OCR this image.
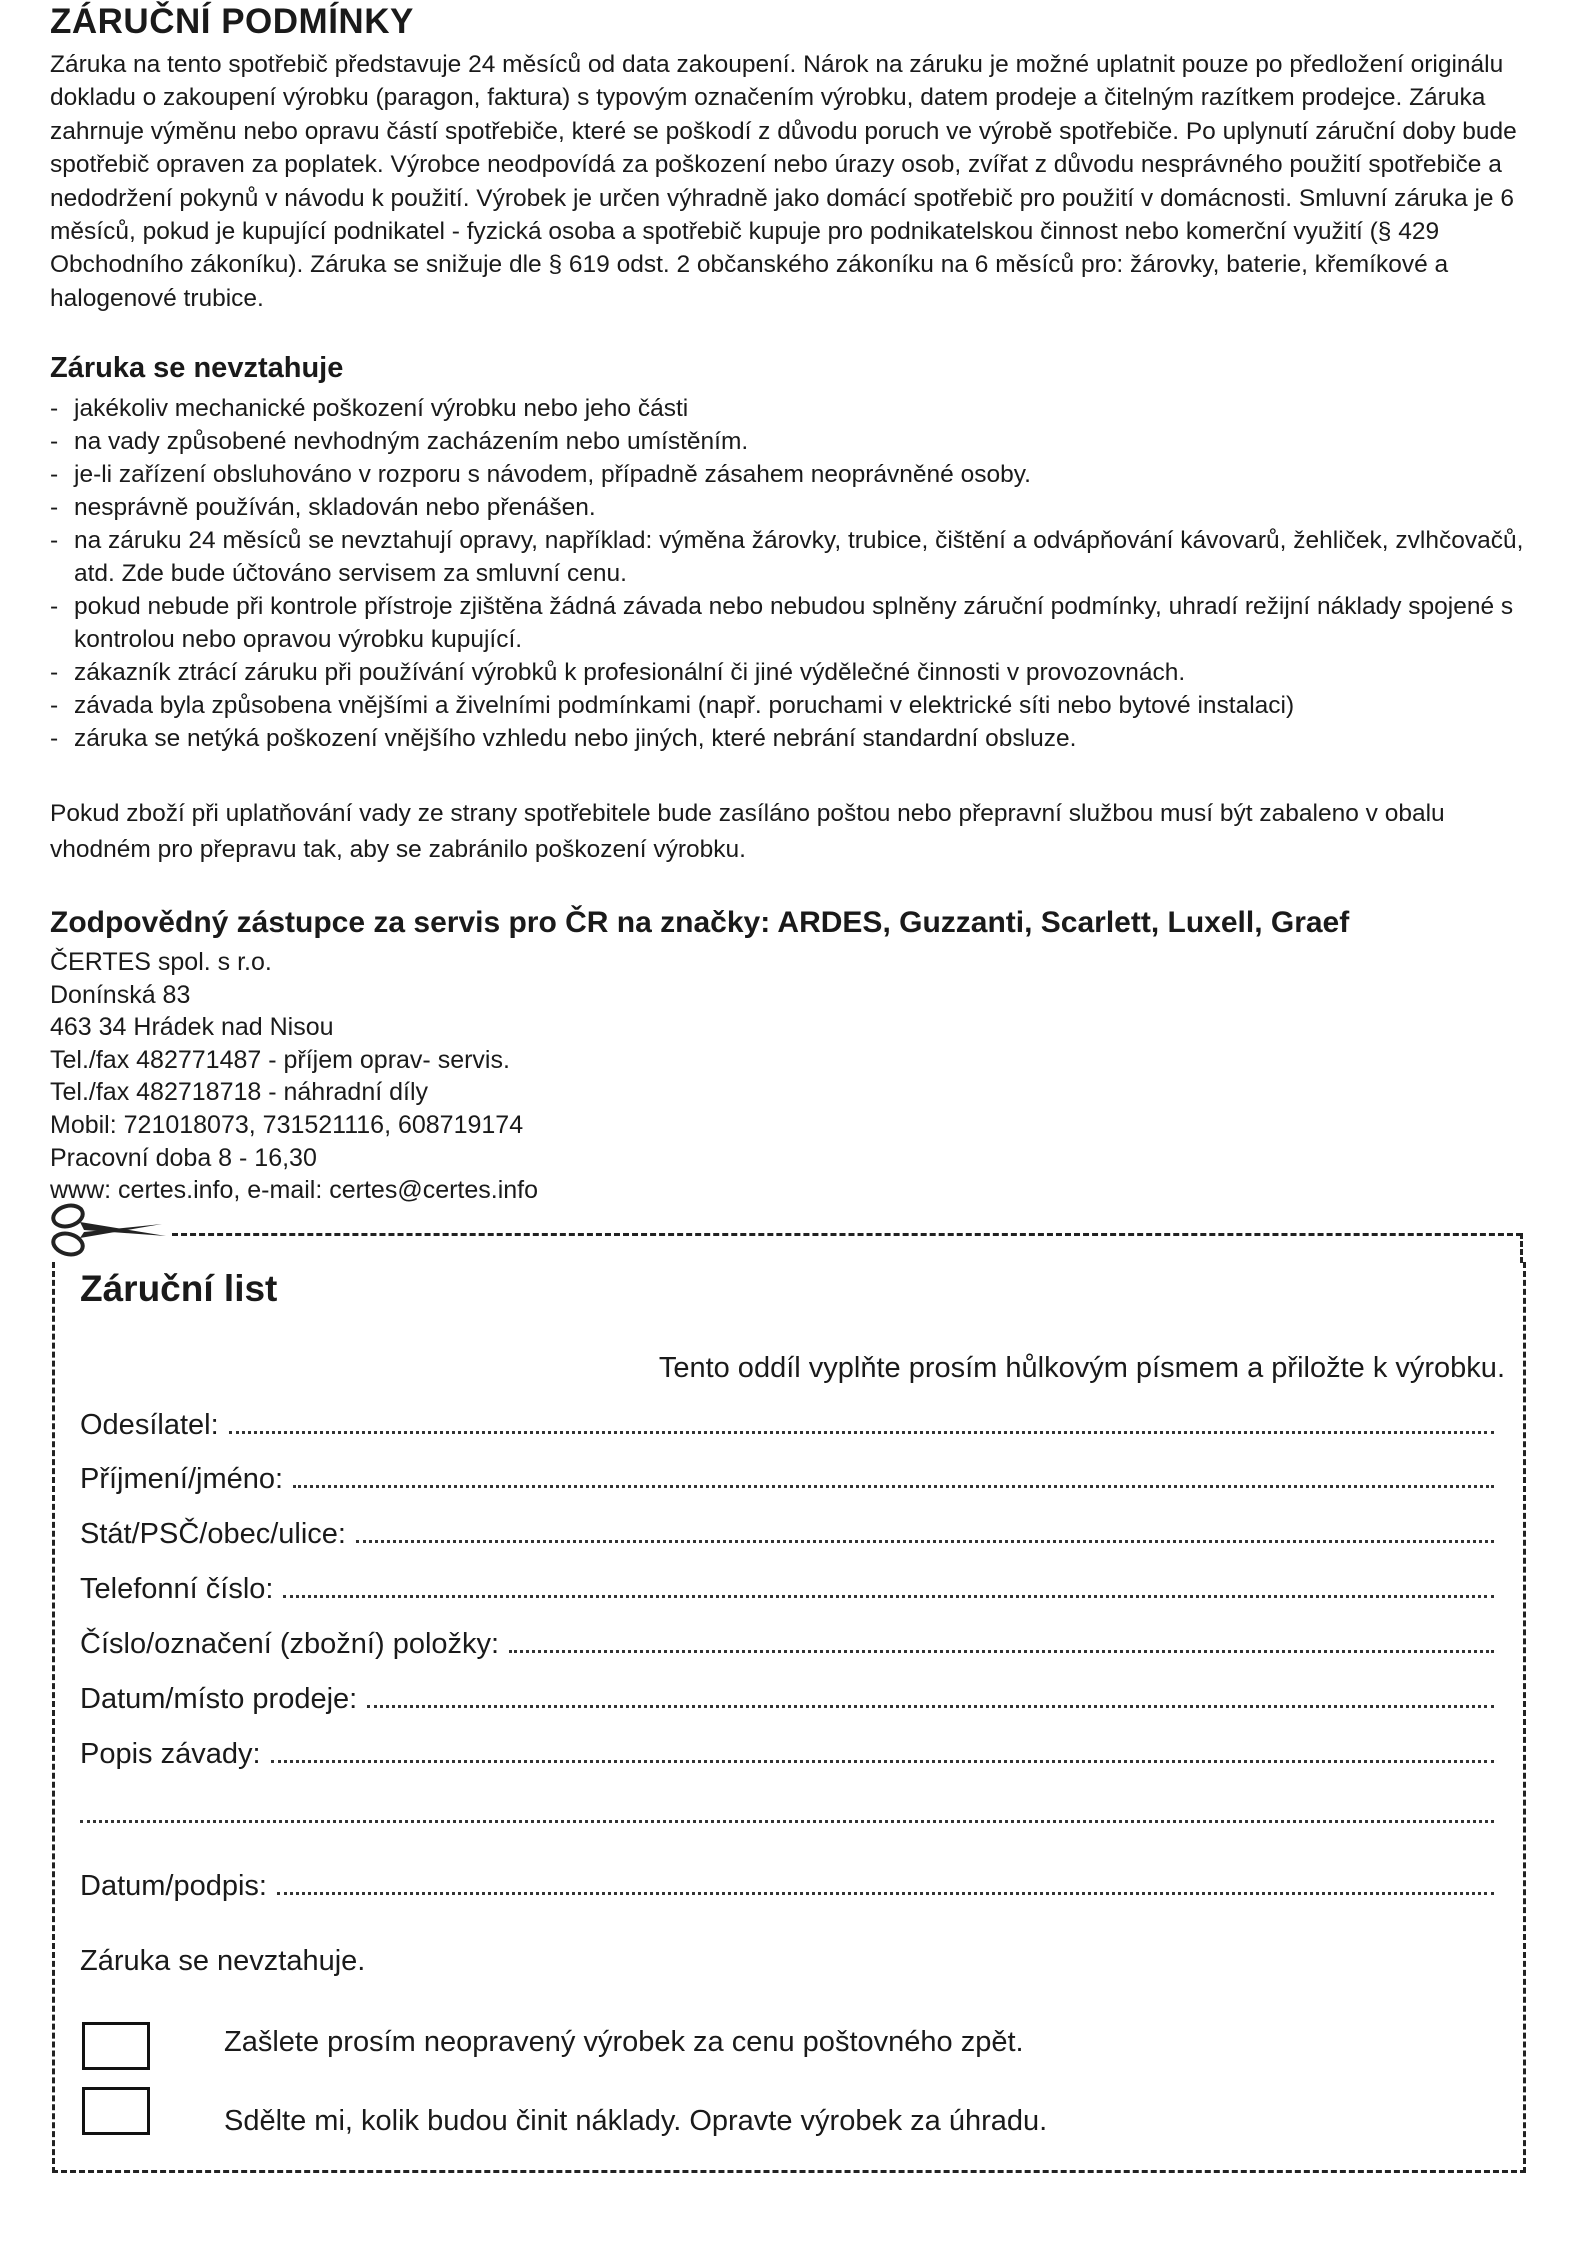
ZÁRUČNÍ PODMÍNKY

Záruka na tento spotřebič představuje 24 měsíců od data zakoupení. Nárok na záruku je možné uplatnit pouze po předložení originálu dokladu o zakoupení výrobku (paragon, faktura) s typovým označením výrobku, datem prodeje a čitelným razítkem prodejce. Záruka zahrnuje výměnu nebo opravu částí spotřebiče, které se poškodí z důvodu poruch ve výrobě spotřebiče. Po uplynutí záruční doby bude spotřebič opraven za poplatek. Výrobce neodpovídá za poškození nebo úrazy osob, zvířat z důvodu nesprávného použití spotřebiče a nedodržení pokynů v návodu k použití. Výrobek je určen výhradně jako domácí spotřebič pro použití v domácnosti. Smluvní záruka je 6 měsíců, pokud je kupující podnikatel - fyzická osoba a spotřebič kupuje pro podnikatelskou činnost nebo komerční využití (§ 429 Obchodního zákoníku). Záruka se snižuje dle § 619 odst. 2 občanského zákoníku na 6 měsíců pro: žárovky, baterie, křemíkové a halogenové trubice.

Záruka se nevztahuje
- jakékoliv mechanické poškození výrobku nebo jeho části
- na vady způsobené nevhodným zacházením nebo umístěním.
- je-li zařízení obsluhováno v rozporu s návodem, případně zásahem neoprávněné osoby.
- nesprávně používán, skladován nebo přenášen.
- na záruku 24 měsíců se nevztahují opravy, například: výměna žárovky, trubice, čištění a odvápňování kávovarů, žehliček, zvlhčovačů, atd. Zde bude účtováno servisem za smluvní cenu.
- pokud nebude při kontrole přístroje zjištěna žádná závada nebo nebudou splněny záruční podmínky, uhradí režijní náklady spojené s kontrolou nebo opravou výrobku kupující.
- zákazník ztrácí záruku při používání výrobků k profesionální či jiné výdělečné činnosti v provozovnách.
- závada byla způsobena vnějšími a živelními podmínkami (např. poruchami v elektrické síti nebo bytové instalaci)
- záruka se netýká poškození vnějšího vzhledu nebo jiných, které nebrání standardní obsluze.

Pokud zboží při uplatňování vady ze strany spotřebitele bude zasíláno poštou nebo přepravní službou musí být zabaleno v obalu vhodném pro přepravu tak, aby se zabránilo poškození výrobku.

Zodpovědný zástupce za servis pro ČR na značky: ARDES, Guzzanti, Scarlett, Luxell, Graef
ČERTES spol. s r.o.
Donínská 83
463 34 Hrádek nad Nisou
Tel./fax 482771487 - příjem oprav- servis.
Tel./fax 482718718 - náhradní díly
Mobil: 721018073, 731521116, 608719174
Pracovní doba 8 - 16,30
www: certes.info, e-mail: certes@certes.info
Záruční list

Tento oddíl vyplňte prosím hůlkovým písmem a přiložte k výrobku.

Odesílatel:
Příjmení/jméno:
Stát/PSČ/obec/ulice:
Telefonní číslo:
Číslo/označení (zbožní) položky:
Datum/místo prodeje:
Popis závady:
Datum/podpis:

Záruka se nevztahuje.

Zašlete prosím neopravený výrobek za cenu poštovného zpět.
Sdělte mi, kolik budou činit náklady. Opravte výrobek za úhradu.
